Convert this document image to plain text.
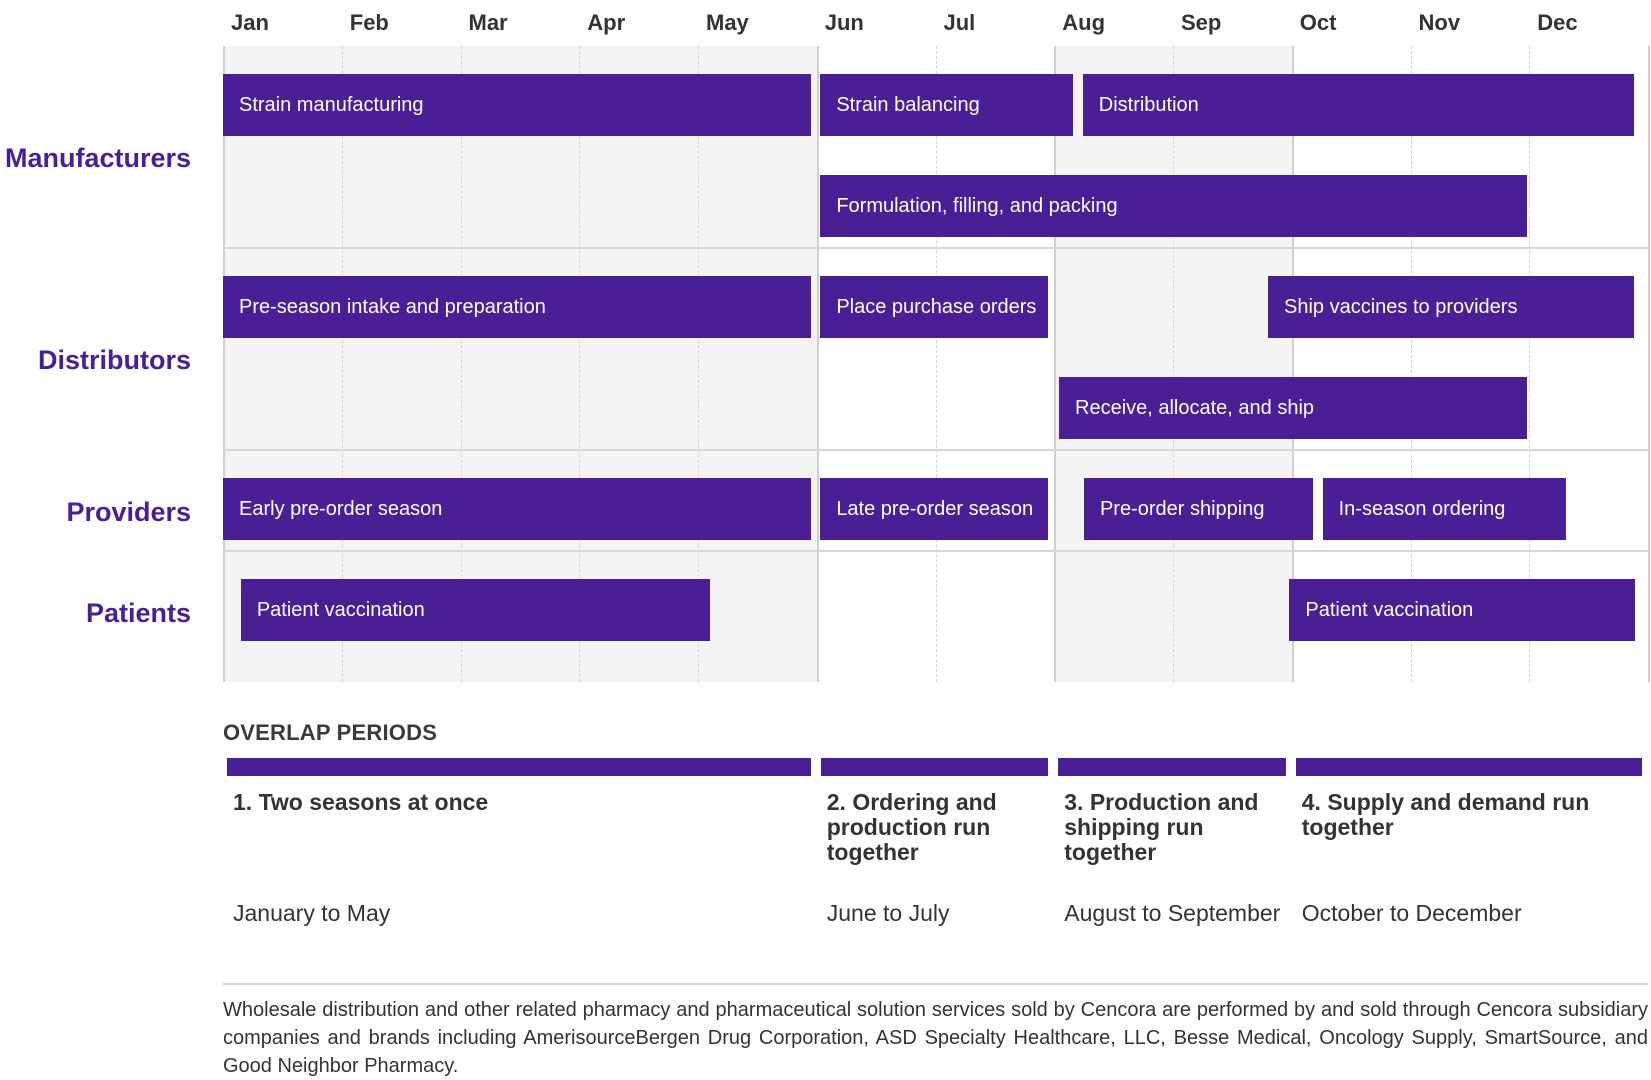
Strain manufacturing	Strain balancing	Distribution
Formulation, filling, and packing
Pre-season intake and preparation	Place purchase orders	Ship vaccines to providers
Receive, allocate, and ship
Early pre-order season	Late pre-order season	Pre-order shipping	In-season ordering
Patient vaccination	Patient vaccination
Manufacturers
Distributors
Providers
Patients
Jan	Feb	Mar	Apr	May	Jun	Jul	Aug	Sep	Oct	Nov	Dec
OVERLAP PERIODS
1. Two seasons at once
January to May
2. Ordering and production run together
June to July
3. Production and shipping run together
August to September
4. Supply and demand run together
October to December
Wholesale distribution and other related pharmacy and pharmaceutical solution services sold by Cencora are performed by and sold through Cencora subsidiary companies and brands including AmerisourceBergen Drug Corporation, ASD Specialty Healthcare, LLC, Besse Medical, Oncology Supply, SmartSource, and Good Neighbor Pharmacy.
